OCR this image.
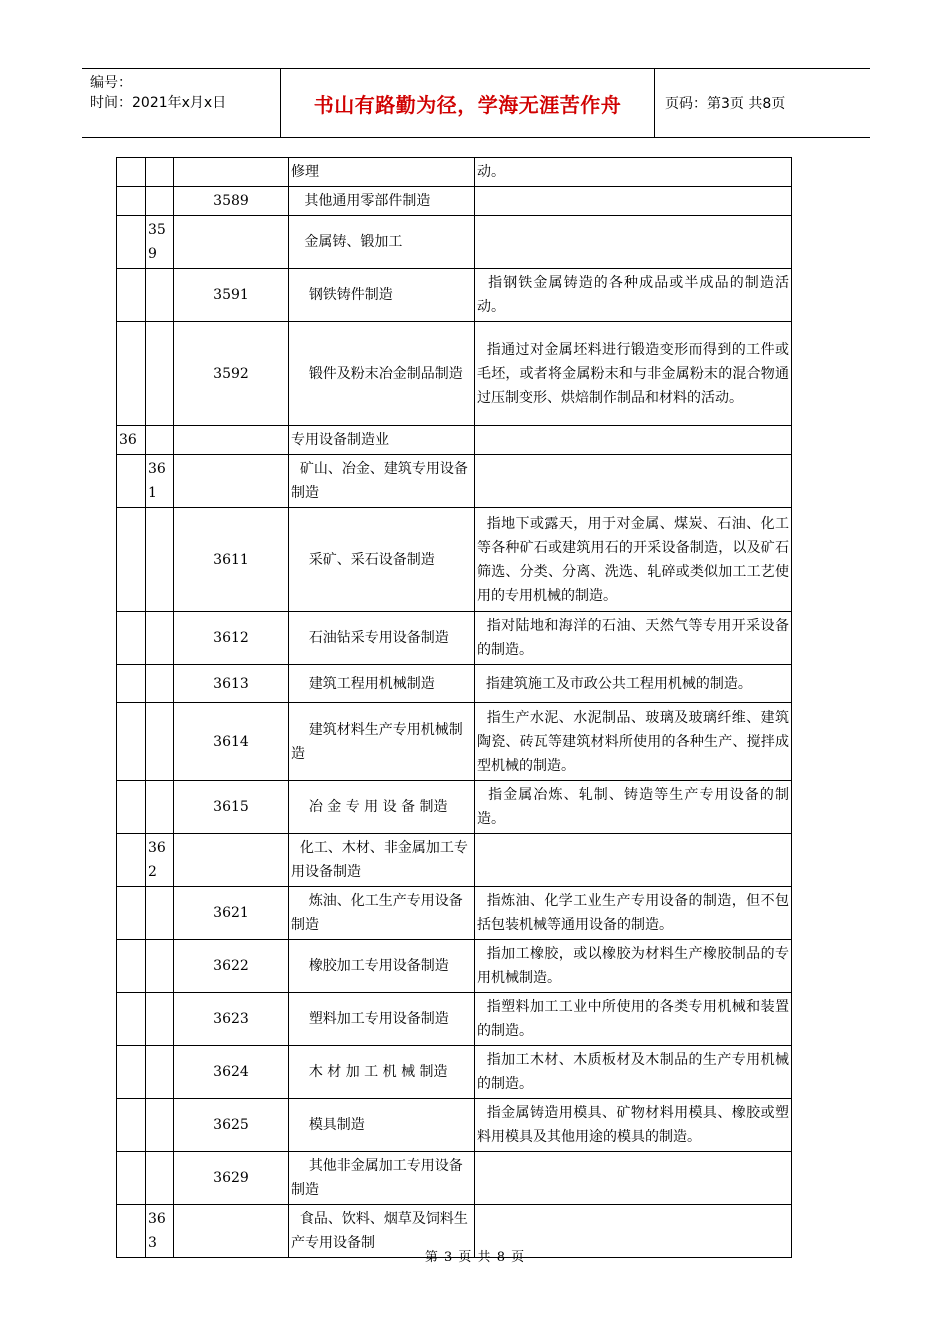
编号：
时间：2021年x月x日	书山有路勤为径，学海无涯苦作舟	页码：第3页 共8页
			修理	动。
		3589	其他通用零部件制造	
	359		金属铸、锻加工	
		3591	钢铁铸件制造	指钢铁金属铸造的各种成品或半成品的制造活动。
		3592	锻件及粉末冶金制品制造	指通过对金属坯料进行锻造变形而得到的工件或毛坯，或者将金属粉末和与非金属粉末的混合物通过压制变形、烘焙制作制品和材料的活动。
36			专用设备制造业	
	361		矿山、冶金、建筑专用设备制造	
		3611	采矿、采石设备制造	指地下或露天，用于对金属、煤炭、石油、化工等各种矿石或建筑用石的开采设备制造，以及矿石筛选、分类、分离、洗选、轧碎或类似加工工艺使用的专用机械的制造。
		3612	石油钻采专用设备制造	指对陆地和海洋的石油、天然气等专用开采设备的制造。
		3613	建筑工程用机械制造	指建筑施工及市政公共工程用机械的制造。
		3614	建筑材料生产专用机械制造	指生产水泥、水泥制品、玻璃及玻璃纤维、建筑陶瓷、砖瓦等建筑材料所使用的各种生产、搅拌成型机械的制造。
		3615	冶 金 专 用 设 备 制造	指金属冶炼、轧制、铸造等生产专用设备的制造。
	362		化工、木材、非金属加工专用设备制造	
		3621	炼油、化工生产专用设备制造	指炼油、化学工业生产专用设备的制造，但不包括包装机械等通用设备的制造。
		3622	橡胶加工专用设备制造	指加工橡胶，或以橡胶为材料生产橡胶制品的专用机械制造。
		3623	塑料加工专用设备制造	指塑料加工工业中所使用的各类专用机械和装置的制造。
		3624	木 材 加 工 机 械 制造	指加工木材、木质板材及木制品的生产专用机械的制造。
		3625	模具制造	指金属铸造用模具、矿物材料用模具、橡胶或塑料用模具及其他用途的模具的制造。
		3629	其他非金属加工专用设备制造	
	363		食品、饮料、烟草及饲料生产专用设备制	
第 3 页 共 8 页
